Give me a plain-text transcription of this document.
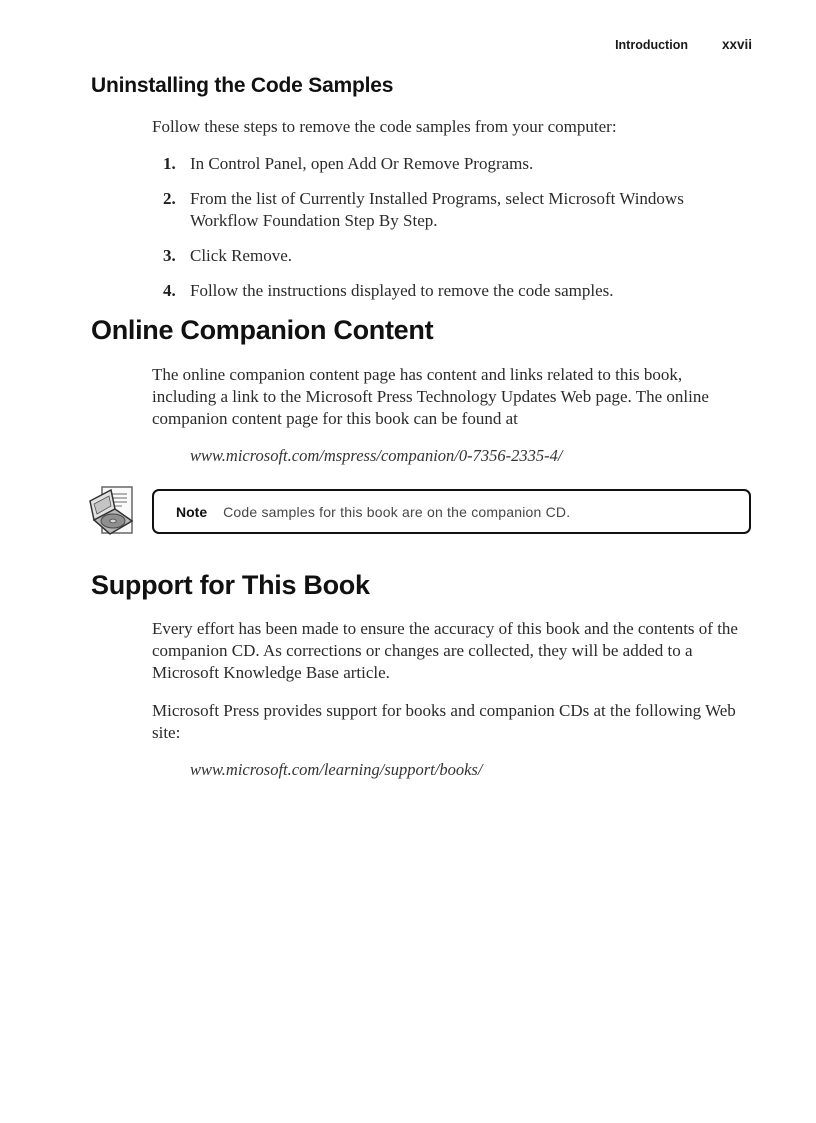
Introduction	xxvii
Uninstalling the Code Samples

Follow these steps to remove the code samples from your computer:

1. In Control Panel, open Add Or Remove Programs.
2. From the list of Currently Installed Programs, select Microsoft Windows Workflow Foundation Step By Step.
3. Click Remove.
4. Follow the instructions displayed to remove the code samples.
Online Companion Content

The online companion content page has content and links related to this book, including a link to the Microsoft Press Technology Updates Web page. The online companion content page for this book can be found at

www.microsoft.com/mspress/companion/0-7356-2335-4/

Note Code samples for this book are on the companion CD.
Support for This Book

Every effort has been made to ensure the accuracy of this book and the contents of the companion CD. As corrections or changes are collected, they will be added to a Microsoft Knowledge Base article.

Microsoft Press provides support for books and companion CDs at the following Web site:

www.microsoft.com/learning/support/books/
